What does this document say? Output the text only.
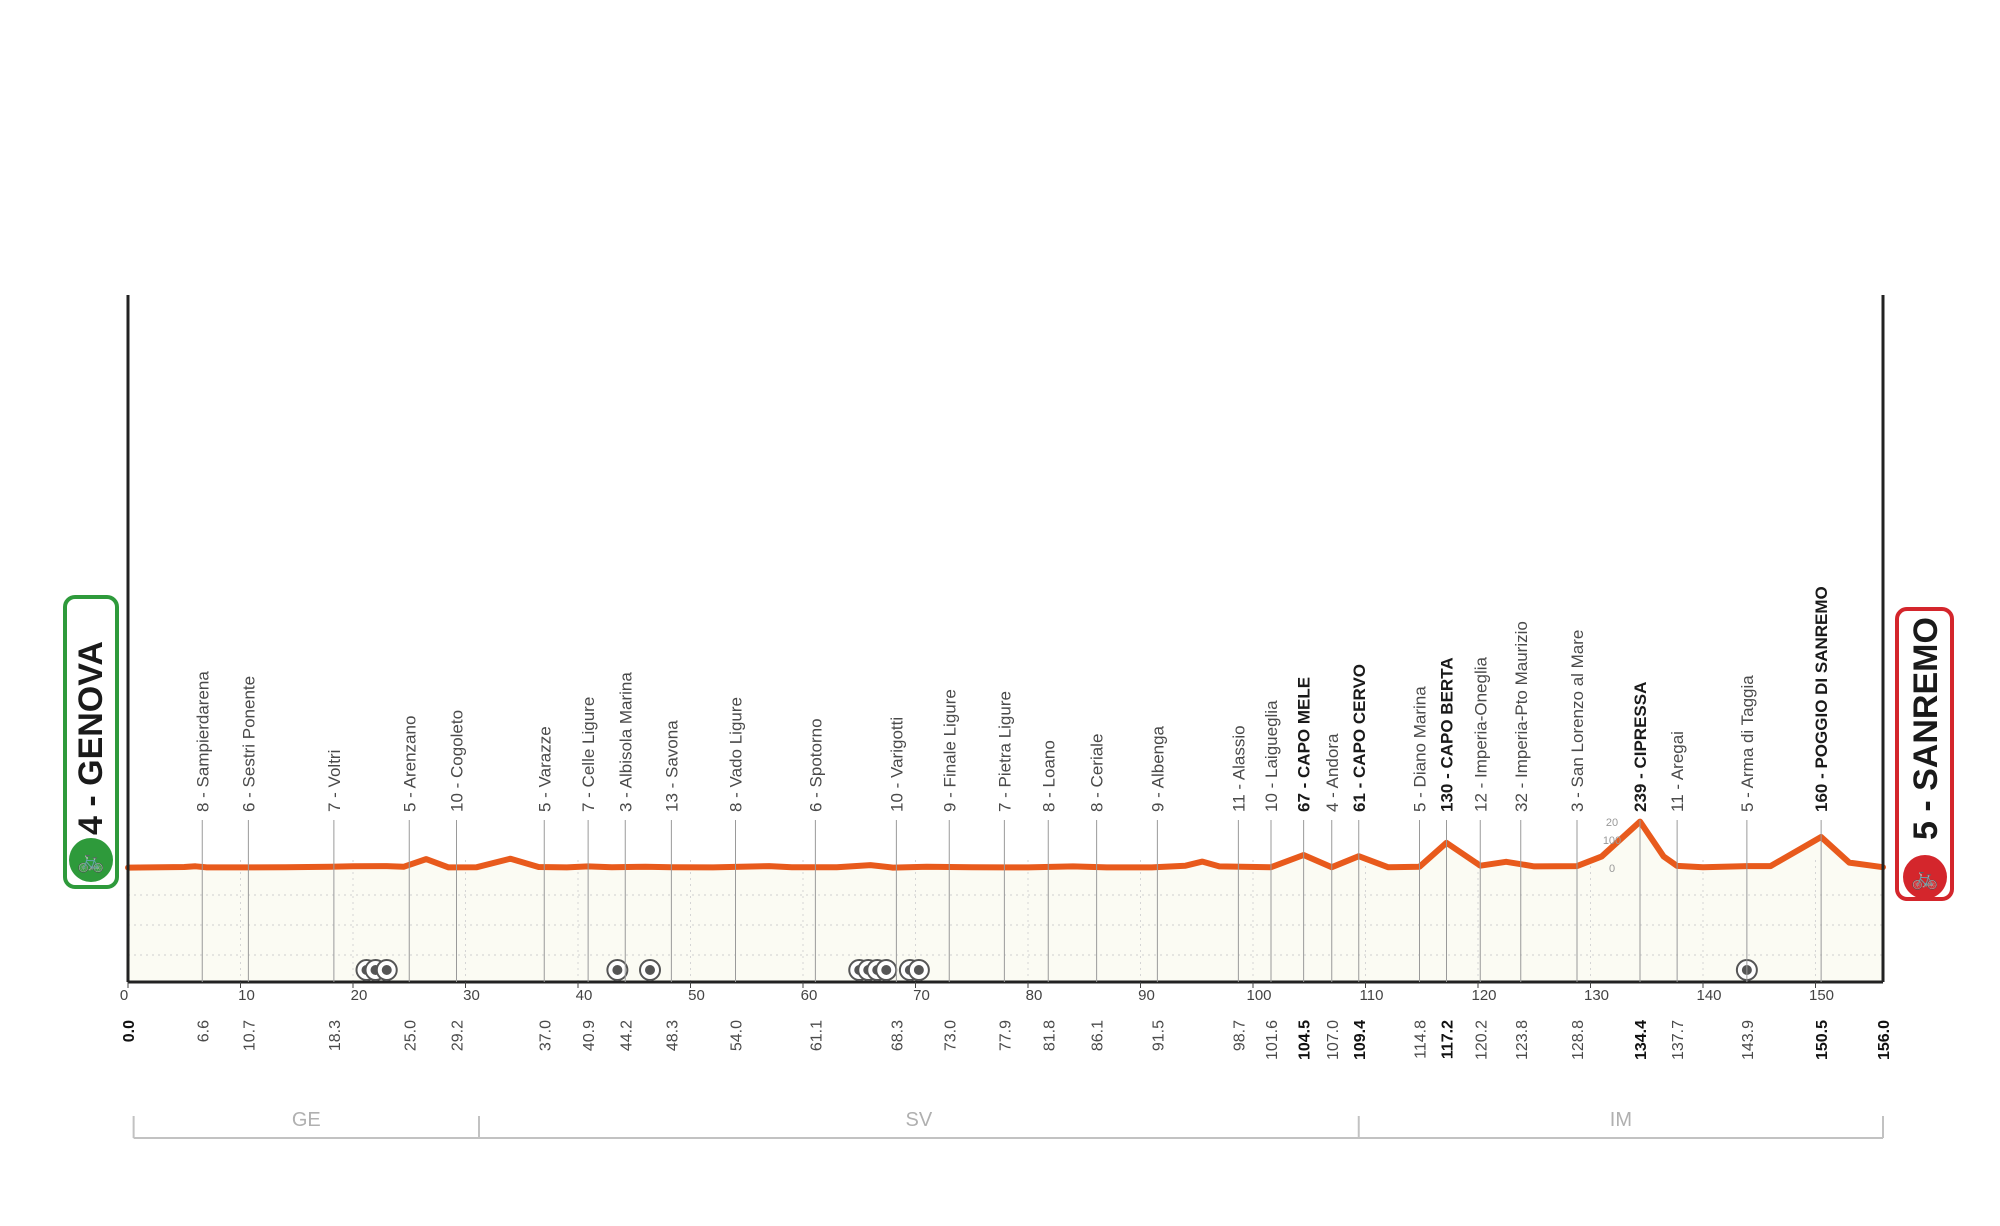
20
100
0
0	10	20	30	40	50	60	70	80	90	100	110	120	130	140	150
8 - Sampierdarena
6.6
6 - Sestri Ponente
10.7
7 - Voltri
18.3
5 - Arenzano
25.0
10 - Cogoleto
29.2
5 - Varazze
37.0
7 - Celle Ligure
40.9
3 - Albisola Marina
44.2
13 - Savona
48.3
8 - Vado Ligure
54.0
6 - Spotorno
61.1
10 - Varigotti
68.3
9 - Finale Ligure
73.0
7 - Pietra Ligure
77.9
8 - Loano
81.8
8 - Ceriale
86.1
9 - Albenga
91.5
11 - Alassio
98.7
10 - Laigueglia
101.6
67 - CAPO MELE
104.5
4 - Andora
107.0
61 - CAPO CERVO
109.4
5 - Diano Marina
114.8
130 - CAPO BERTA
117.2
12 - Imperia-Oneglia
120.2
32 - Imperia-Pto Maurizio
123.8
3 - San Lorenzo al Mare
128.8
239 - CIPRESSA
134.4
11 - Aregai
137.7
5 - Arma di Taggia
143.9
160 - POGGIO DI SANREMO
150.5
0.0	156.0
GE	SV	IM
4 - GENOVA
🚲
5 - SANREMO
🚲
